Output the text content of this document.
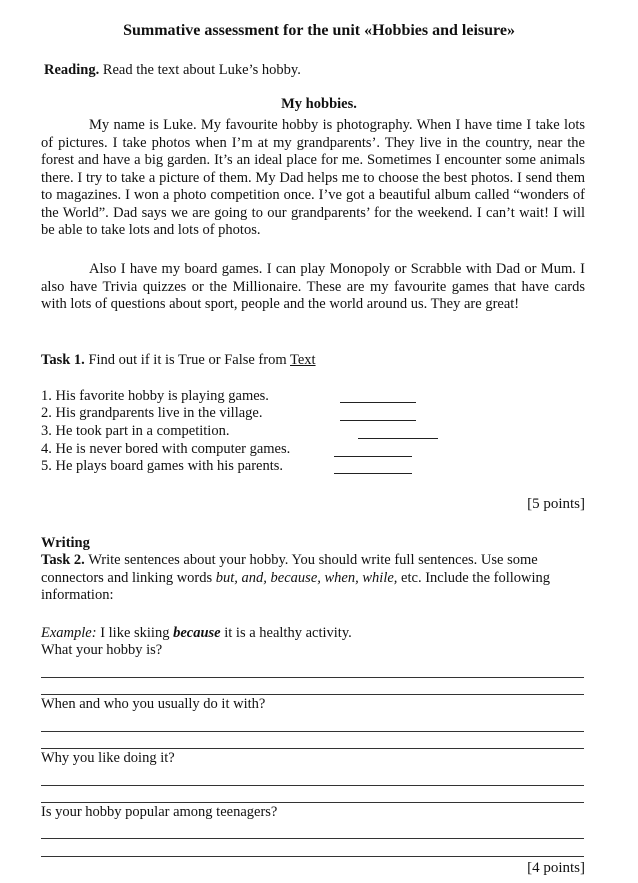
Summative assessment for the unit «Hobbies and leisure»
Reading. Read the text about Luke’s hobby.
My hobbies.

My name is Luke. My favourite hobby is photography. When I have time I take lots of pictures. I take photos when I’m at my grandparents’. They live in the country, near the forest and have a big garden. It’s an ideal place for me. Sometimes I encounter some animals there. I try to take a picture of them. My Dad helps me to choose the best photos. I send them to magazines. I won a photo competition once. I’ve got a beautiful album called “wonders of the World”. Dad says we are going to our grandparents’ for the weekend. I can’t wait! I will be able to take lots and lots of photos.

Also I have my board games. I can play Monopoly or Scrabble with Dad or Mum. I also have Trivia quizzes or the Millionaire. These are my favourite games that have cards with lots of questions about sport, people and the world around us. They are great!

Task 1. Find out if it is True or False from Text
1. His favorite hobby is playing games.
2. His grandparents live in the village.
3. He took part in a competition.
4. He is never bored with computer games.
5. He plays board games with his parents.
[5 points]
Writing
Task 2. Write sentences about your hobby. You should write full sentences. Use some connectors and linking words but, and, because, when, while, etc. Include the following information:
Example: I like skiing because it is a healthy activity.
What your hobby is?
When and who you usually do it with?
Why you like doing it?
Is your hobby popular among teenagers?
[4 points]
